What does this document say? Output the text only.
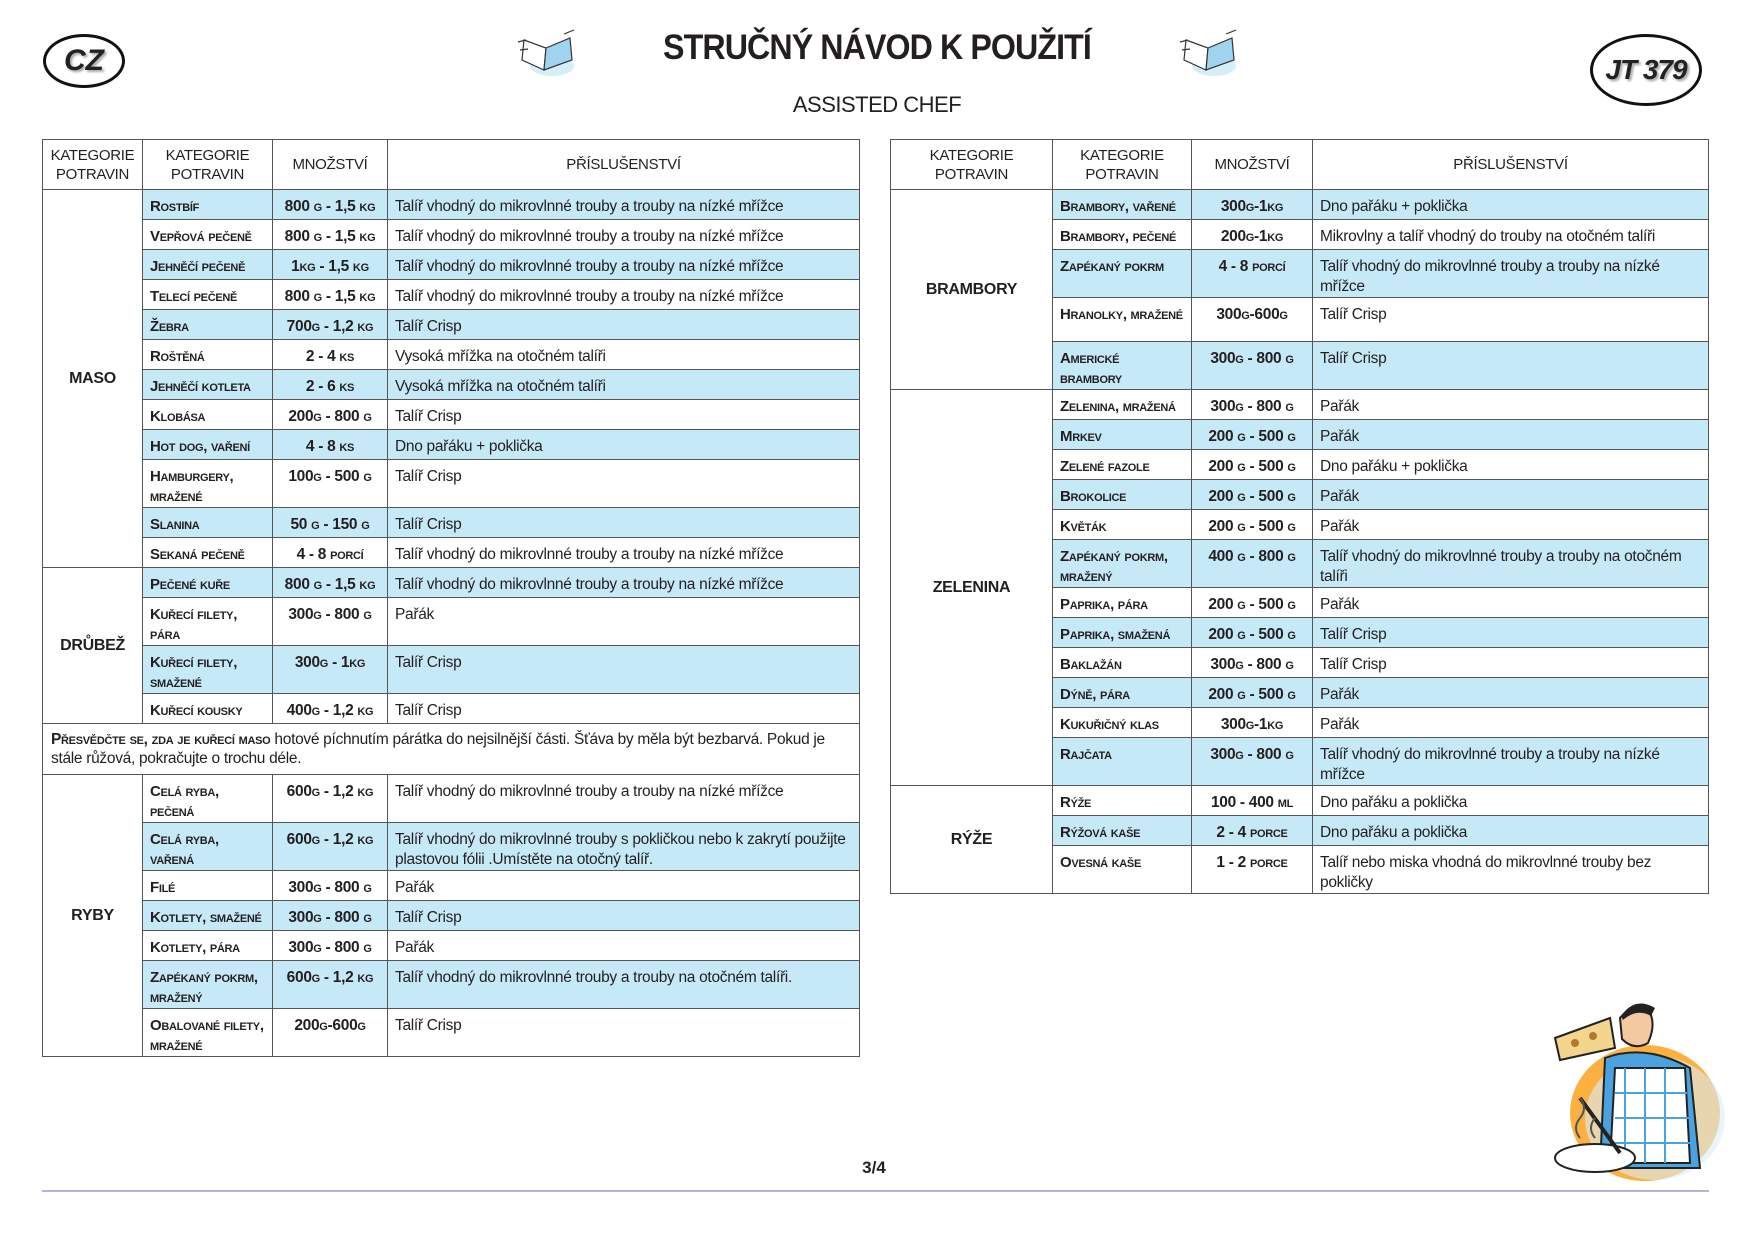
CZ	STRUČNÝ NÁVOD K POUŽITÍ
ASSISTED CHEF
JT 379
KATEGORIE POTRAVIN	KATEGORIE POTRAVIN	MNOŽSTVÍ	PŘÍSLUŠENSTVÍ
MASO	Rostbíf	800 g - 1,5 kg	Talíř vhodný do mikrovlnné trouby a trouby na nízké mřížce
	Vepřová pečeně	800 g - 1,5 kg	Talíř vhodný do mikrovlnné trouby a trouby na nízké mřížce
	Jehněčí pečeně	1kg - 1,5 kg	Talíř vhodný do mikrovlnné trouby a trouby na nízké mřížce
	Telecí pečeně	800 g - 1,5 kg	Talíř vhodný do mikrovlnné trouby a trouby na nízké mřížce
	Žebra	700g - 1,2 kg	Talíř Crisp
	Roštěná	2 - 4 ks	Vysoká mřížka na otočném talíři
	Jehněčí kotleta	2 - 6 ks	Vysoká mřížka na otočném talíři
	Klobása	200g - 800 g	Talíř Crisp
	Hot dog, vaření	4 - 8 ks	Dno pařáku + poklička
	Hamburgery, mražené	100g - 500 g	Talíř Crisp
	Slanina	50 g - 150 g	Talíř Crisp
	Sekaná pečeně	4 - 8 porcí	Talíř vhodný do mikrovlnné trouby a trouby na nízké mřížce
DRŮBEŽ	Pečené kuře	800 g - 1,5 kg	Talíř vhodný do mikrovlnné trouby a trouby na nízké mřížce
	Kuřecí filety, pára	300g - 800 g	Pařák
	Kuřecí filety, smažené	300g - 1kg	Talíř Crisp
	Kuřecí kousky	400g - 1,2 kg	Talíř Crisp
Přesvědčte se, zda je kuřecí maso hotové píchnutím párátka do nejsilnější části. Šťáva by měla být bezbarvá. Pokud je stále růžová, pokračujte o trochu déle.			
RYBY	Celá ryba, pečená	600g - 1,2 kg	Talíř vhodný do mikrovlnné trouby a trouby na nízké mřížce
	Celá ryba, vařená	600g - 1,2 kg	Talíř vhodný do mikrovlnné trouby s pokličkou nebo k zakrytí použijte plastovou fólii .Umístěte na otočný talíř.
	Filé	300g - 800 g	Pařák
	Kotlety, smažené	300g - 800 g	Talíř Crisp
	Kotlety, pára	300g - 800 g	Pařák
	Zapékaný pokrm, mražený	600g - 1,2 kg	Talíř vhodný do mikrovlnné trouby a trouby na otočném talíři.
	Obalované filety, mražené	200g-600g	Talíř Crisp
KATEGORIE POTRAVIN	KATEGORIE POTRAVIN	MNOŽSTVÍ	PŘÍSLUŠENSTVÍ
BRAMBORY	Brambory, vařené	300g-1kg	Dno pařáku + poklička
	Brambory, pečené	200g-1kg	Mikrovlny a talíř vhodný do trouby na otočném talíři
	Zapékaný pokrm	4 - 8 porcí	Talíř vhodný do mikrovlnné trouby a trouby na nízké mřížce
	Hranolky, mražené	300g-600g	Talíř Crisp
	Americké brambory	300g - 800 g	Talíř Crisp
ZELENINA	Zelenina, mražená	300g - 800 g	Pařák
	Mrkev	200 g - 500 g	Pařák
	Zelené fazole	200 g - 500 g	Dno pařáku + poklička
	Brokolice	200 g - 500 g	Pařák
	Květák	200 g - 500 g	Pařák
	Zapékaný pokrm, mražený	400 g - 800 g	Talíř vhodný do mikrovlnné trouby a trouby na otočném talíři
	Paprika, pára	200 g - 500 g	Pařák
	Paprika, smažená	200 g - 500 g	Talíř Crisp
	Baklažán	300g - 800 g	Talíř Crisp
	Dýně, pára	200 g - 500 g	Pařák
	Kukuřičný klas	300g-1kg	Pařák
	Rajčata	300g - 800 g	Talíř vhodný do mikrovlnné trouby a trouby na nízké mřížce
RÝŽE	Rýže	100 - 400 ml	Dno pařáku a poklička
	Rýžová kaše	2 - 4 porce	Dno pařáku a poklička
	Ovesná kaše	1 - 2 porce	Talíř nebo miska vhodná do mikrovlnné trouby bez pokličky
3/4
